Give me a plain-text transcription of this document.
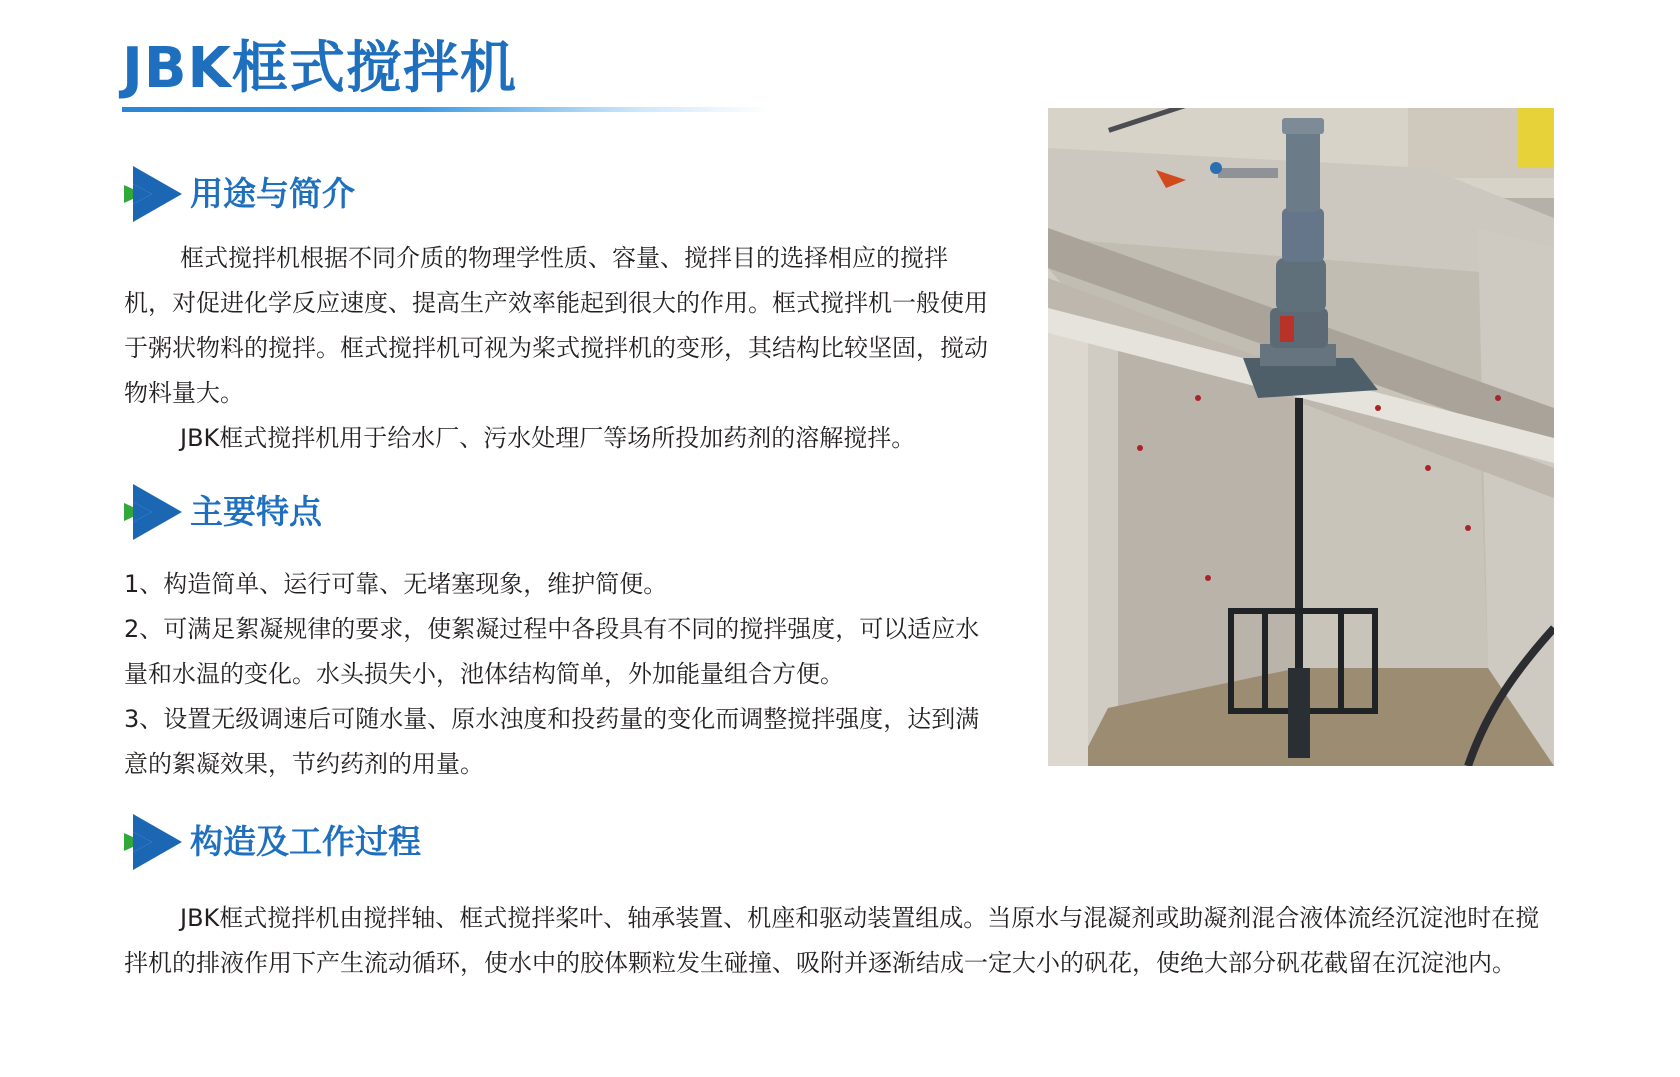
JBK框式搅拌机
用途与简介

框式搅拌机根据不同介质的物理学性质、容量、搅拌目的选择相应的搅拌机，对促进化学反应速度、提高生产效率能起到很大的作用。框式搅拌机一般使用于粥状物料的搅拌。框式搅拌机可视为桨式搅拌机的变形，其结构比较坚固，搅动物料量大。

JBK框式搅拌机用于给水厂、污水处理厂等场所投加药剂的溶解搅拌。

主要特点

1、构造简单、运行可靠、无堵塞现象，维护简便。

2、可满足絮凝规律的要求，使絮凝过程中各段具有不同的搅拌强度，可以适应水量和水温的变化。水头损失小，池体结构简单，外加能量组合方便。

3、设置无级调速后可随水量、原水浊度和投药量的变化而调整搅拌强度，达到满意的絮凝效果，节约药剂的用量。

构造及工作过程

JBK框式搅拌机由搅拌轴、框式搅拌桨叶、轴承装置、机座和驱动装置组成。当原水与混凝剂或助凝剂混合液体流经沉淀池时在搅拌机的排液作用下产生流动循环，使水中的胶体颗粒发生碰撞、吸附并逐渐结成一定大小的矾花，使绝大部分矾花截留在沉淀池内。
